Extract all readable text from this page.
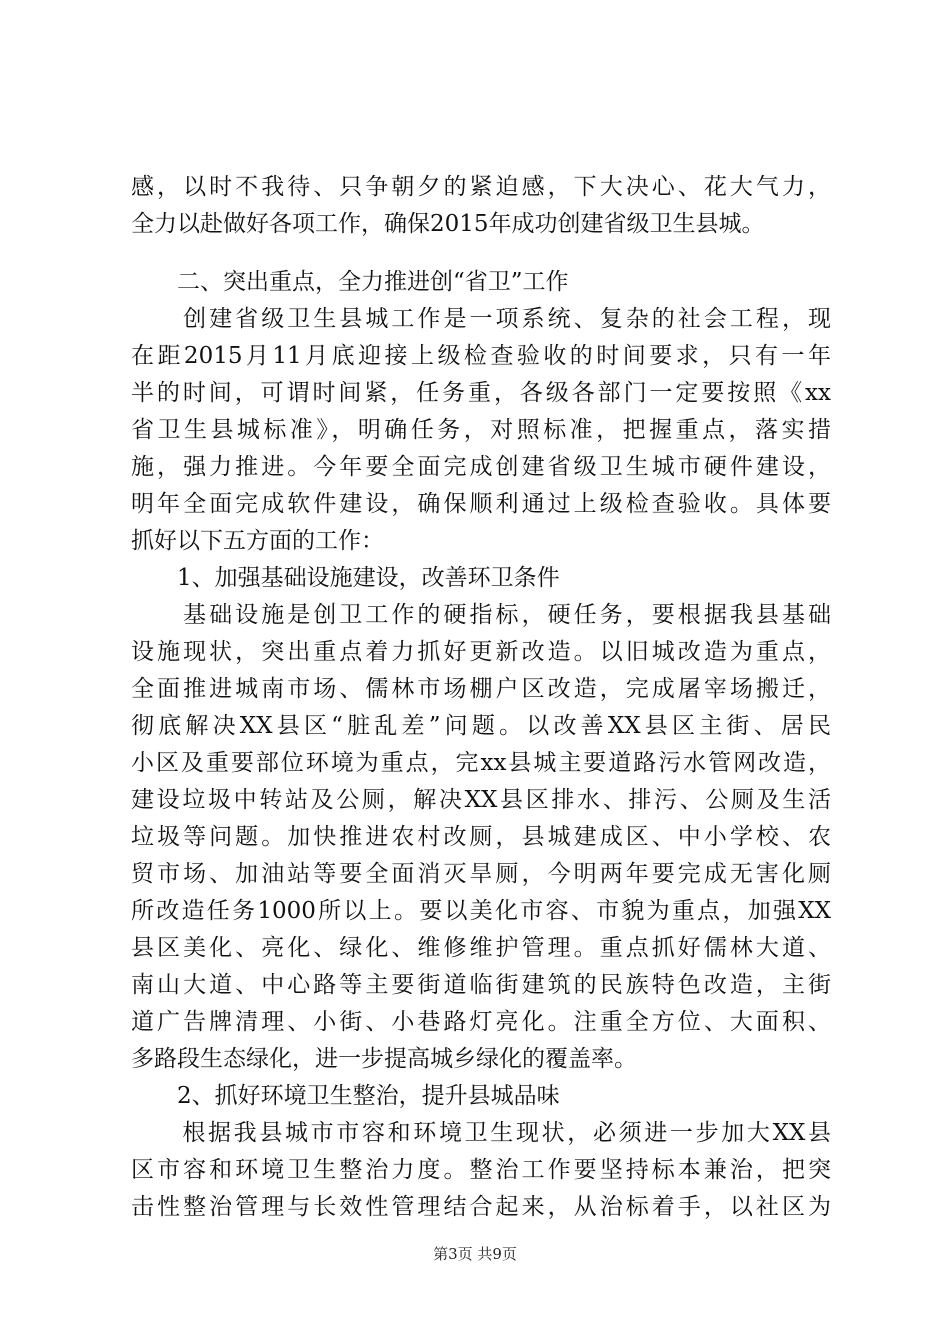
感，以时不我待、只争朝夕的紧迫感，下大决心、花大气力，
全力以赴做好各项工作，确保2015年成功创建省级卫生县城。
　　二、突出重点，全力推进创“省卫”工作
　　创建省级卫生县城工作是一项系统、复杂的社会工程，现
在距2015月11月底迎接上级检查验收的时间要求，只有一年
半的时间，可谓时间紧，任务重，各级各部门一定要按照《xx
省卫生县城标准》，明确任务，对照标准，把握重点，落实措
施，强力推进。今年要全面完成创建省级卫生城市硬件建设，
明年全面完成软件建设，确保顺利通过上级检查验收。具体要
抓好以下五方面的工作：
　　1、加强基础设施建设，改善环卫条件
　　基础设施是创卫工作的硬指标，硬任务，要根据我县基础
设施现状，突出重点着力抓好更新改造。以旧城改造为重点，
全面推进城南市场、儒林市场棚户区改造，完成屠宰场搬迁，
彻底解决XX县区“脏乱差”问题。以改善XX县区主街、居民
小区及重要部位环境为重点，完xx县城主要道路污水管网改造，
建设垃圾中转站及公厕，解决XX县区排水、排污、公厕及生活
垃圾等问题。加快推进农村改厕，县城建成区、中小学校、农
贸市场、加油站等要全面消灭旱厕，今明两年要完成无害化厕
所改造任务1000所以上。要以美化市容、市貌为重点，加强XX
县区美化、亮化、绿化、维修维护管理。重点抓好儒林大道、
南山大道、中心路等主要街道临街建筑的民族特色改造，主街
道广告牌清理、小街、小巷路灯亮化。注重全方位、大面积、
多路段生态绿化，进一步提高城乡绿化的覆盖率。
　　2、抓好环境卫生整治，提升县城品味
　　根据我县城市市容和环境卫生现状，必须进一步加大XX县
区市容和环境卫生整治力度。整治工作要坚持标本兼治，把突
击性整治管理与长效性管理结合起来，从治标着手，以社区为
第3页 共9页
